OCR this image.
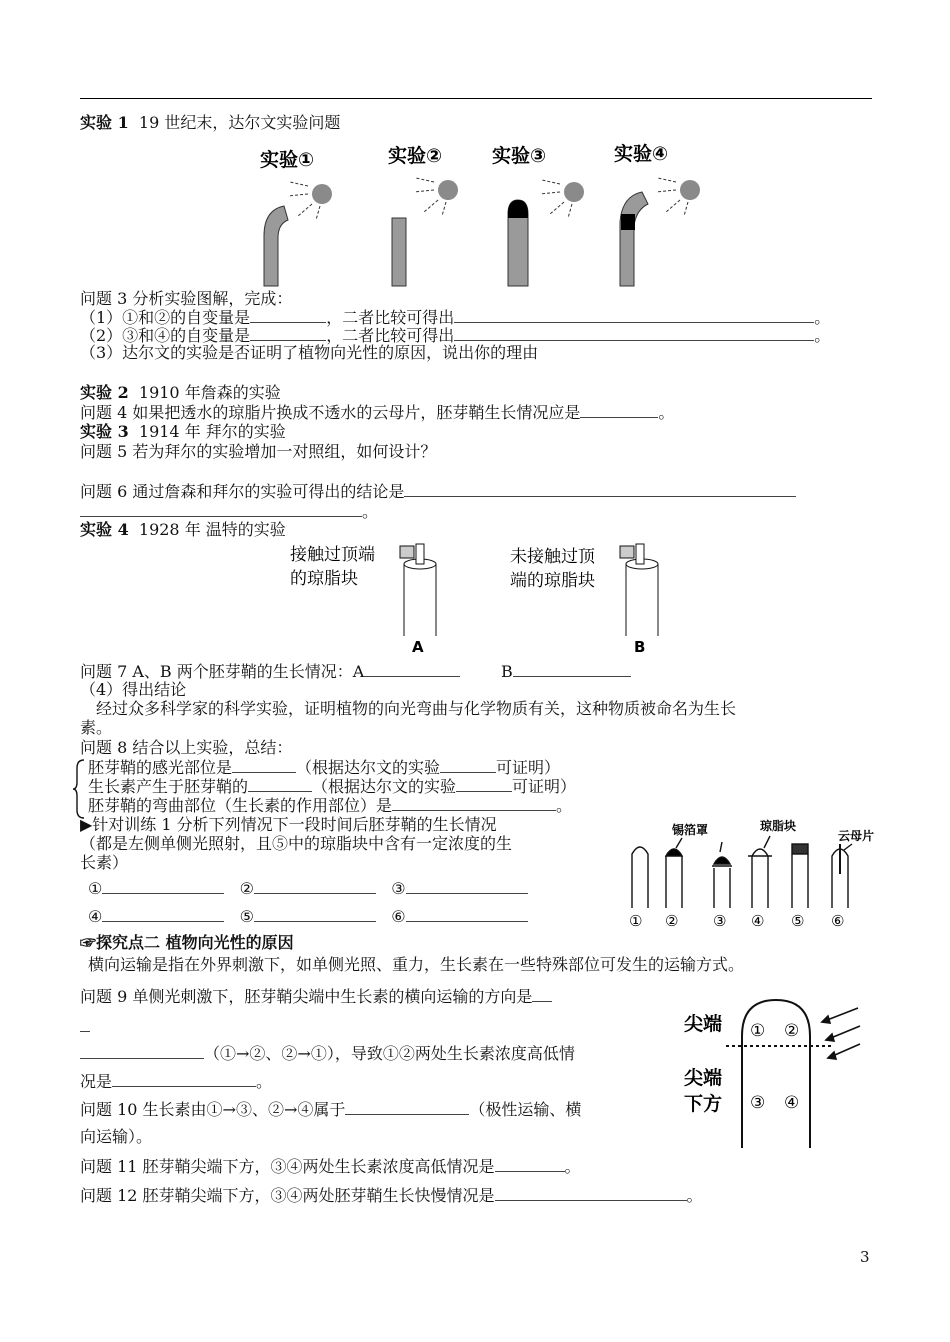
实验 1 19 世纪末，达尔文实验问题
实验①	实验②	实验③	实验④
问题 3 分析实验图解，完成：
（1）①和②的自变量是	，二者比较可得出	。
（2）③和④的自变量是	，二者比较可得出	。
（3）达尔文的实验是否证明了植物向光性的原因，说出你的理由
实验 2 1910 年詹森的实验
问题 4 如果把透水的琼脂片换成不透水的云母片，胚芽鞘生长情况应是	。
实验 3 1914 年 拜尔的实验
问题 5 若为拜尔的实验增加一对照组，如何设计？
问题 6 通过詹森和拜尔的实验可得出的结论是
。
实验 4 1928 年 温特的实验
接触过顶端
的琼脂块
未接触过顶
端的琼脂块
A	B
问题 7 A、B 两个胚芽鞘的生长情况：A	B
（4）得出结论
经过众多科学家的科学实验，证明植物的向光弯曲与化学物质有关，这种物质被命名为生长
素。
问题 8 结合以上实验，总结：
胚芽鞘的感光部位是	（根据达尔文的实验	可证明）
生长素产生于胚芽鞘的	（根据达尔文的实验	可证明）
胚芽鞘的弯曲部位（生长素的作用部位）是	。
▶针对训练 1 分析下列情况下一段时间后胚芽鞘的生长情况
（都是左侧单侧光照射，且⑤中的琼脂块中含有一定浓度的生
长素）
①	②	③
④	⑤	⑥
锡箔罩	琼脂块
云母片
① ② ③ ④ ⑤ ⑥
☞探究点二 植物向光性的原因
横向运输是指在外界刺激下，如单侧光照、重力，生长素在一些特殊部位可发生的运输方式。
问题 9 单侧光刺激下，胚芽鞘尖端中生长素的横向运输的方向是
（①→②、②→①），导致①②两处生长素浓度高低情
况是	。
问题 10 生长素由①→③、②→④属于	（极性运输、横
向运输）。
问题 11 胚芽鞘尖端下方，③④两处生长素浓度高低情况是	。
问题 12 胚芽鞘尖端下方，③④两处胚芽鞘生长快慢情况是	。
尖端
尖端
下方
① ②
③ ④
3
